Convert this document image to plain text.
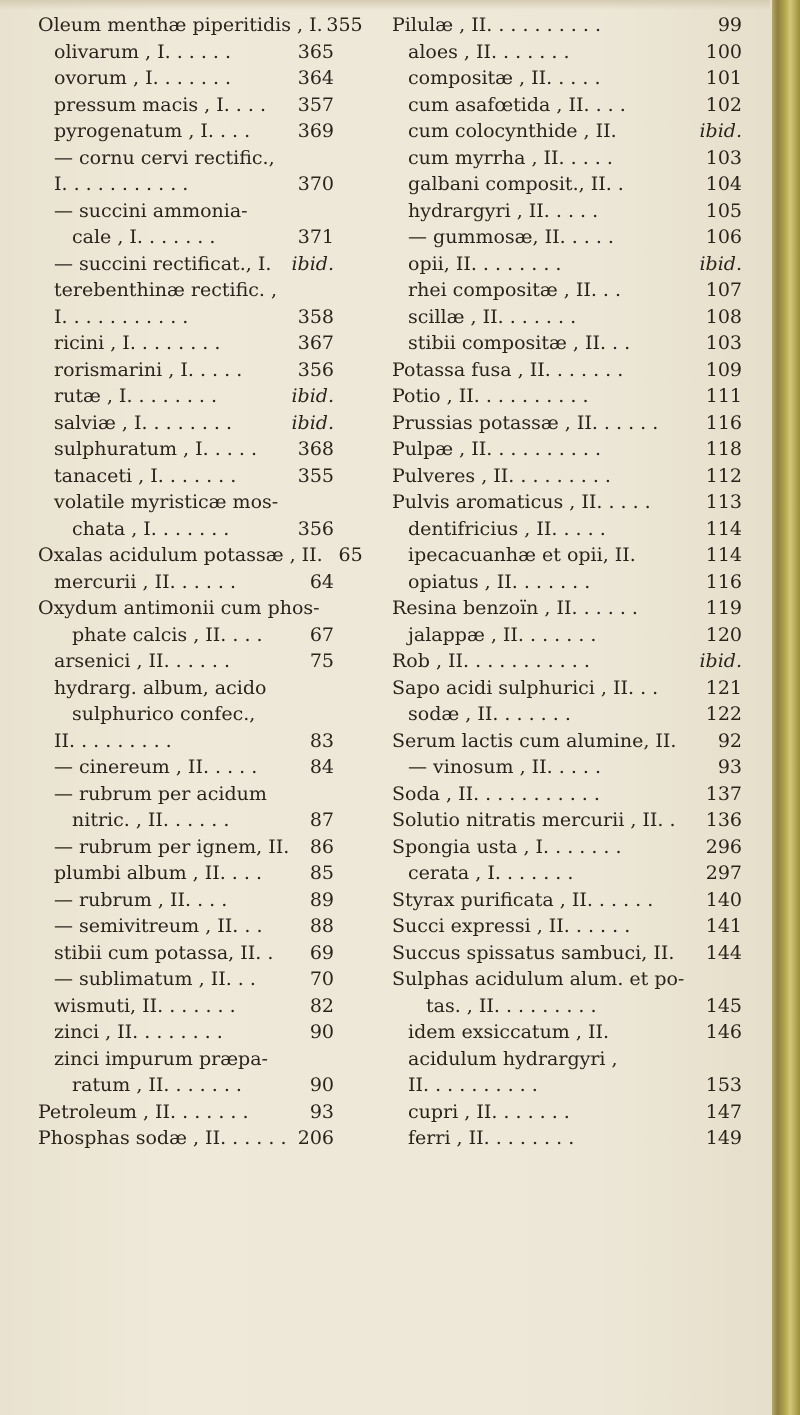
Oleum menthæ piperitidis , I. 355
olivarum , I. . . . . .	365
ovorum , I. . . . . . .	364
pressum macis , I. . . .	357
pyrogenatum , I. . . .	369
— cornu cervi rectific.,
I. . . . . . . . . . .	370
— succini ammonia-
cale , I. . . . . . .	371
— succini rectificat., I.	ibid.
terebenthinæ rectific. ,
I. . . . . . . . . . .	358
ricini , I. . . . . . . .	367
rorismarini , I. . . . .	356
rutæ , I. . . . . . . .	ibid.
salviæ , I. . . . . . . .	ibid.
sulphuratum , I. . . . .	368
tanaceti , I. . . . . . .	355
volatile myristicæ mos-
chata , I. . . . . . .	356
Oxalas acidulum potassæ , II. 65
mercurii , II. . . . . .	64
Oxydum antimonii cum phos-
phate calcis , II. . . .	67
arsenici , II. . . . . .	75
hydrarg. album, acido
sulphurico confec.,
II. . . . . . . . .	83
— cinereum , II. . . . .	84
— rubrum per acidum
nitric. , II. . . . . .	87
— rubrum per ignem, II.	86
plumbi album , II. . . .	85
— rubrum , II. . . .	89
— semivitreum , II. . .	88
stibii cum potassa, II. .	69
— sublimatum , II. . .	70
wismuti, II. . . . . . .	82
zinci , II. . . . . . . .	90
zinci impurum præpa-
ratum , II. . . . . . .	90
Petroleum , II. . . . . . .	93
Phosphas sodæ , II. . . . . . 206
Pilulæ , II. . . . . . . . . .	99
aloes , II. . . . . . .	100
compositæ , II. . . . .	101
cum asafœtida , II. . . .	102
cum colocynthide , II.	ibid.
cum myrrha , II. . . . .	103
galbani composit., II. .	104
hydrargyri , II. . . . .	105
— gummosæ, II. . . . .	106
opii, II. . . . . . . .	ibid.
rhei compositæ , II. . .	107
scillæ , II. . . . . . .	108
stibii compositæ , II. . .	103
Potassa fusa , II. . . . . . .	109
Potio , II. . . . . . . . . .	111
Prussias potassæ , II. . . . . .	116
Pulpæ , II. . . . . . . . . .	118
Pulveres , II. . . . . . . . .	112
Pulvis aromaticus , II. . . . .	113
dentifricius , II. . . . .	114
ipecacuanhæ et opii, II.	114
opiatus , II. . . . . . .	116
Resina benzoïn , II. . . . . .	119
jalappæ , II. . . . . . .	120
Rob , II. . . . . . . . . . .	ibid.
Sapo acidi sulphurici , II. . .	121
sodæ , II. . . . . . .	122
Serum lactis cum alumine, II.	92
— vinosum , II. . . . .	93
Soda , II. . . . . . . . . . .	137
Solutio nitratis mercurii , II. .	136
Spongia usta , I. . . . . . .	296
cerata , I. . . . . . .	297
Styrax purificata , II. . . . . .	140
Succi expressi , II. . . . . .	141
Succus spissatus sambuci, II.	144
Sulphas acidulum alum. et po-
tas. , II. . . . . . . . .	145
idem exsiccatum , II.	146
acidulum hydrargyri ,
II. . . . . . . . . .	153
cupri , II. . . . . . .	147
ferri , II. . . . . . . .	149
